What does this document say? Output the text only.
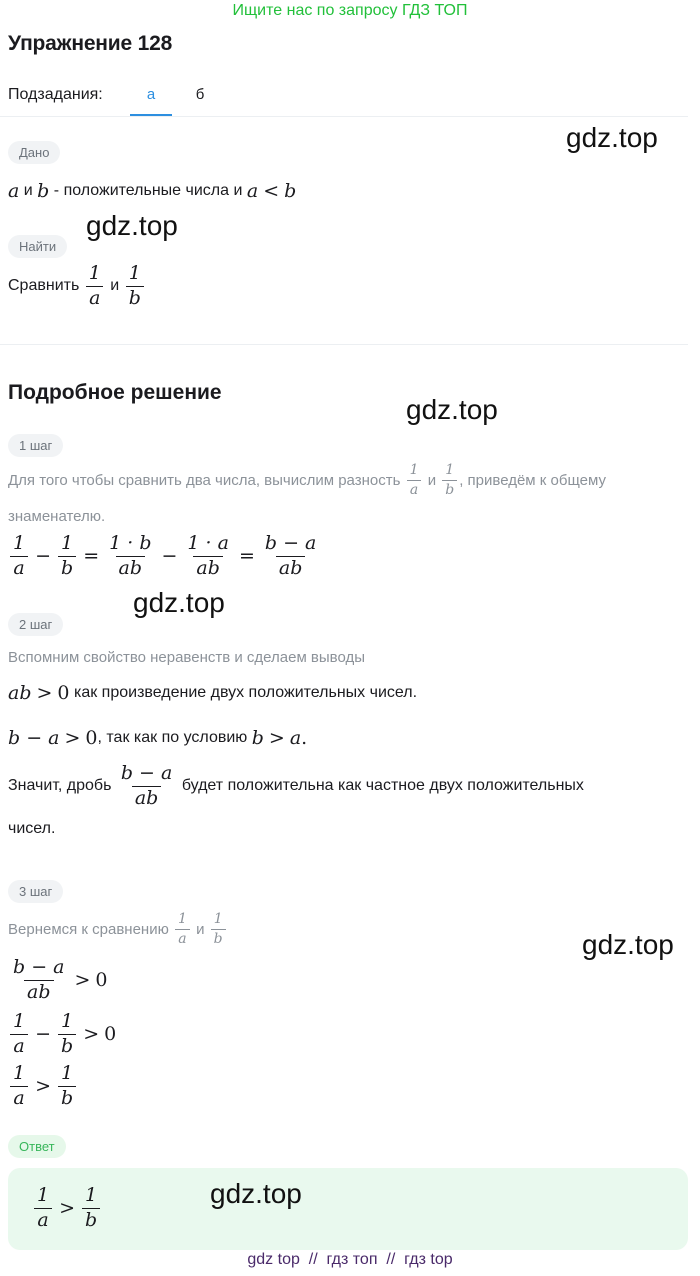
Ищите нас по запросу ГДЗ ТОП
Упражнение 128
Подзадания:	а	б
Дано
a
и
b
- положительные числа и
a < b
Найти
Сравнить
$\frac{1}{a}$
и
$\frac{1}{b}$
Подробное решение
1 шаг
Для того чтобы сравнить два числа, вычислим разность
$\frac{1}{a}$
и
$\frac{1}{b}$ , приведём к общему
знаменателю.
$\frac{1}{a} - \frac{1}{b} = \frac{1 \cdot b}{ab} - \frac{1 \cdot a}{ab} = \frac{b - a}{ab}$
2 шаг
Вспомним свойство неравенств и сделаем выводы
ab > 0
как произведение двух положительных чисел.
b − a > 0 , так как по условию
b > a .
Значит, дробь
$\frac{b - a}{ab}$
будет положительна как частное двух положительных
чисел.
3 шаг
Вернемся к сравнению
$\frac{1}{a}$
и
$\frac{1}{b}$
$\frac{b - a}{ab} > 0$
$\frac{1}{a} - \frac{1}{b} > 0$
$\frac{1}{a} > \frac{1}{b}$
Ответ
$\frac{1}{a} > \frac{1}{b}$
gdz.top
gdz.top
gdz.top
gdz.top
gdz.top
gdz.top
gdz top  //  гдз топ  //  гдз top
